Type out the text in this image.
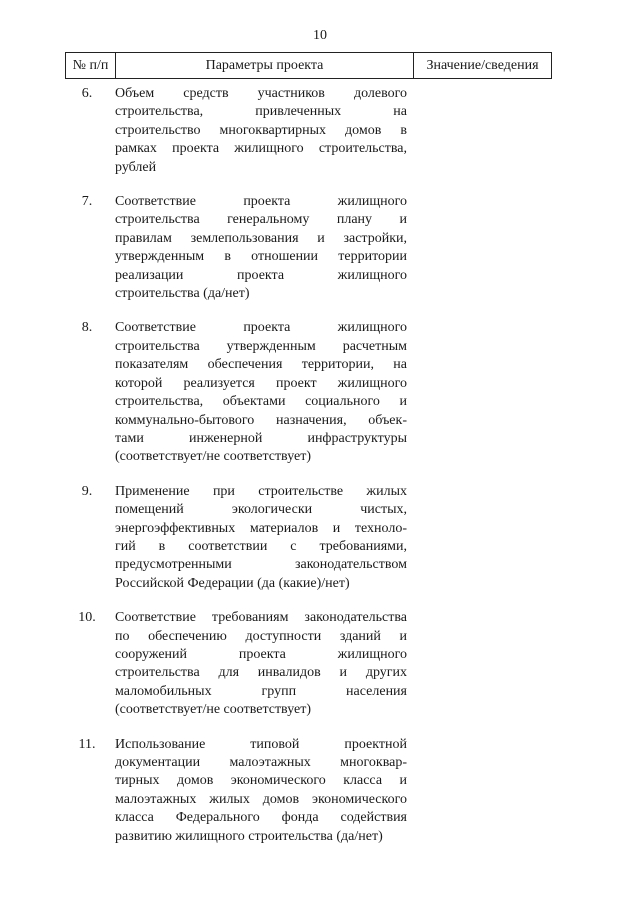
10
№ п/п	Параметры проекта	Значение/сведения
6.	Объем средств участников долевого
строительства, привлеченных на
строительство многоквартирных домов в
рамках проекта жилищного строительства,
рублей
7.	Соответствие проекта жилищного
строительства генеральному плану и
правилам землепользования и застройки,
утвержденным в отношении территории
реализации проекта жилищного
строительства (да/нет)
8.	Соответствие проекта жилищного
строительства утвержденным расчетным
показателям обеспечения территории, на
которой реализуется проект жилищного
строительства, объектами социального и
коммунально-бытового назначения, объек-
тами инженерной инфраструктуры
(соответствует/не соответствует)
9.	Применение при строительстве жилых
помещений экологически чистых,
энергоэффективных материалов и техноло-
гий в соответствии с требованиями,
предусмотренными законодательством
Российской Федерации (да (какие)/нет)
10.	Соответствие требованиям законодательства
по обеспечению доступности зданий и
сооружений проекта жилищного
строительства для инвалидов и других
маломобильных групп населения
(соответствует/не соответствует)
11.	Использование типовой проектной
документации малоэтажных многоквар-
тирных домов экономического класса и
малоэтажных жилых домов экономического
класса Федерального фонда содействия
развитию жилищного строительства (да/нет)
